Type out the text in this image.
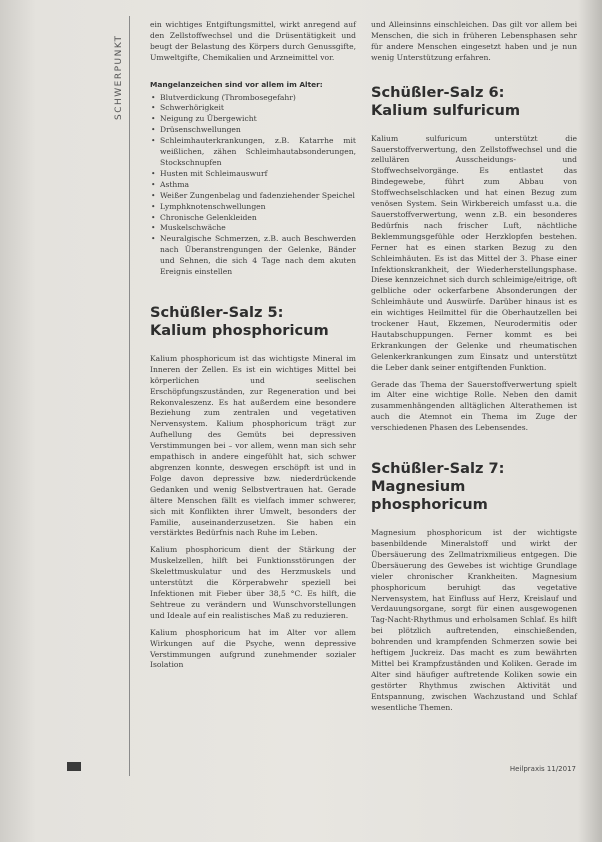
SCHWERPUNKT

ein wichtiges Entgiftungsmittel, wirkt anregend auf den Zellstoffwechsel und die Drüsentätigkeit und beugt der Belastung des Körpers durch Genussgifte, Umweltgifte, Chemikalien und Arzneimittel vor.

Mangelanzeichen sind vor allem im Alter:
• Blutverdickung (Thrombosegefahr)
• Schwerhörigkeit
• Neigung zu Übergewicht
• Drüsenschwellungen
• Schleimhauterkrankungen, z.B. Katarrhe mit weißlichen, zähen Schleimhautabsonderungen, Stockschnupfen
• Husten mit Schleimauswurf
• Asthma
• Weißer Zungenbelag und fadenziehender Speichel
• Lymphknotenschwellungen
• Chronische Gelenkleiden
• Muskelschwäche
• Neuralgische Schmerzen, z.B. auch Beschwerden nach Überanstrengungen der Gelenke, Bänder und Sehnen, die sich 4 Tage nach dem akuten Ereignis einstellen
Schüßler-Salz 5:
Kalium phosphoricum

Kalium phosphoricum ist das wichtigste Mineral im Inneren der Zellen. Es ist ein wichtiges Mittel bei körperlichen und seelischen Erschöpfungszuständen, zur Regeneration und bei Rekonvaleszenz. Es hat außerdem eine besondere Beziehung zum zentralen und vegetativen Nervensystem. Kalium phosphoricum trägt zur Aufhellung des Gemüts bei depressiven Verstimmungen bei – vor allem, wenn man sich sehr empathisch in andere eingefühlt hat, sich schwer abgrenzen konnte, deswegen erschöpft ist und in Folge davon depressive bzw. niederdrückende Gedanken und wenig Selbstvertrauen hat. Gerade ältere Menschen fällt es vielfach immer schwerer, sich mit Konflikten ihrer Umwelt, besonders der Familie, auseinanderzusetzen. Sie haben ein verstärktes Bedürfnis nach Ruhe im Leben.

Kalium phosphoricum dient der Stärkung der Muskelzellen, hilft bei Funktionsstörungen der Skelettmuskulatur und des Herzmuskels und unterstützt die Körperabwehr speziell bei Infektionen mit Fieber über 38,5 °C. Es hilft, die Sehtreue zu verändern und Wunschvorstellungen und Ideale auf ein realistisches Maß zu reduzieren.

Kalium phosphoricum hat im Alter vor allem Wirkungen auf die Psyche, wenn depressive Verstimmungen aufgrund zunehmender sozialer Isolation

und Alleinsinns einschleichen. Das gilt vor allem bei Menschen, die sich in früheren Lebensphasen sehr für andere Menschen eingesetzt haben und je nun wenig Unterstützung erfahren.

Schüßler-Salz 6:
Kalium sulfuricum

Kalium sulfuricum unterstützt die Sauerstoffverwertung, den Zellstoffwechsel und die zellulären Ausscheidungs- und Stoffwechselvorgänge. Es entlastet das Bindegewebe, führt zum Abbau von Stoffwechselschlacken und hat einen Bezug zum venösen System. Sein Wirkbereich umfasst u.a. die Sauerstoffverwertung, wenn z.B. ein besonderes Bedürfnis nach frischer Luft, nächtliche Beklemmungsgefühle oder Herzklopfen bestehen. Ferner hat es einen starken Bezug zu den Schleimhäuten. Es ist das Mittel der 3. Phase einer Infektionskrankheit, der Wiederherstellungsphase. Diese kennzeichnet sich durch schleimige/eitrige, oft gelbliche oder ockerfarbene Absonderungen der Schleimhäute und Auswürfe. Darüber hinaus ist es ein wichtiges Heilmittel für die Oberhautzellen bei trockener Haut, Ekzemen, Neurodermitis oder Hautabschuppungen. Ferner kommt es bei Erkrankungen der Gelenke und rheumatischen Gelenkerkrankungen zum Einsatz und unterstützt die Leber dank seiner entgiftenden Funktion.

Gerade das Thema der Sauerstoffverwertung spielt im Alter eine wichtige Rolle. Neben den damit zusammenhängenden alltäglichen Alterathemen ist auch die Atemnot ein Thema im Zuge der verschiedenen Phasen des Lebensendes.

Schüßler-Salz 7:
Magnesium phosphoricum

Magnesium phosphoricum ist der wichtigste basenbildende Mineralstoff und wirkt der Übersäuerung des Zellmatrixmilieus entgegen. Die Übersäuerung des Gewebes ist wichtige Grundlage vieler chronischer Krankheiten. Magnesium phosphoricum beruhigt das vegetative Nervensystem, hat Einfluss auf Herz, Kreislauf und Verdauungsorgane, sorgt für einen ausgewogenen Tag-Nacht-Rhythmus und erholsamen Schlaf. Es hilft bei plötzlich auftretenden, einschießenden, bohrenden und krampfenden Schmerzen sowie bei heftigem Juckreiz. Das macht es zum bewährten Mittel bei Krampfzuständen und Koliken. Gerade im Alter sind häufiger auftretende Koliken sowie ein gestörter Rhythmus zwischen Aktivität und Entspannung, zwischen Wachzustand und Schlaf wesentliche Themen.

Heilpraxis 11/2017
